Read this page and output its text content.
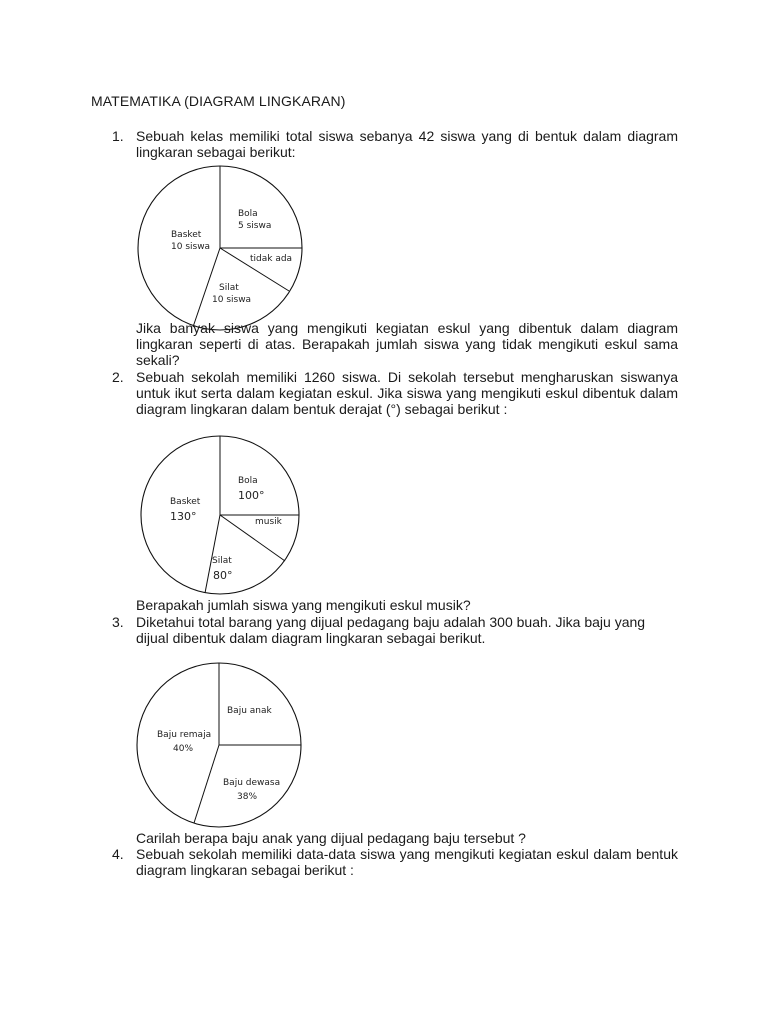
MATEMATIKA (DIAGRAM LINGKARAN)
1. Sebuah kelas memiliki total siswa sebanya 42 siswa yang di bentuk dalam diagram lingkaran sebagai berikut:

Bola
5 siswa
tidak ada
Silat
10 siswa
Basket
10 siswa

Jika banyak siswa yang mengikuti kegiatan eskul yang dibentuk dalam diagram lingkaran seperti di atas. Berapakah jumlah siswa yang tidak mengikuti eskul sama sekali?

2. Sebuah sekolah memiliki 1260 siswa. Di sekolah tersebut mengharuskan siswanya untuk ikut serta dalam kegiatan eskul. Jika siswa yang mengikuti eskul dibentuk dalam diagram lingkaran dalam bentuk derajat (°) sebagai berikut :

Bola
100°
musik
Silat
80°
Basket
130°

Berapakah jumlah siswa yang mengikuti eskul musik?

3. Diketahui total barang yang dijual pedagang baju adalah 300 buah. Jika baju yang dijual dibentuk dalam diagram lingkaran sebagai berikut.

Baju anak
Baju dewasa
38%
Baju remaja
40%

Carilah berapa baju anak yang dijual pedagang baju tersebut ?

4. Sebuah sekolah memiliki data-data siswa yang mengikuti kegiatan eskul dalam bentuk diagram lingkaran sebagai berikut :
